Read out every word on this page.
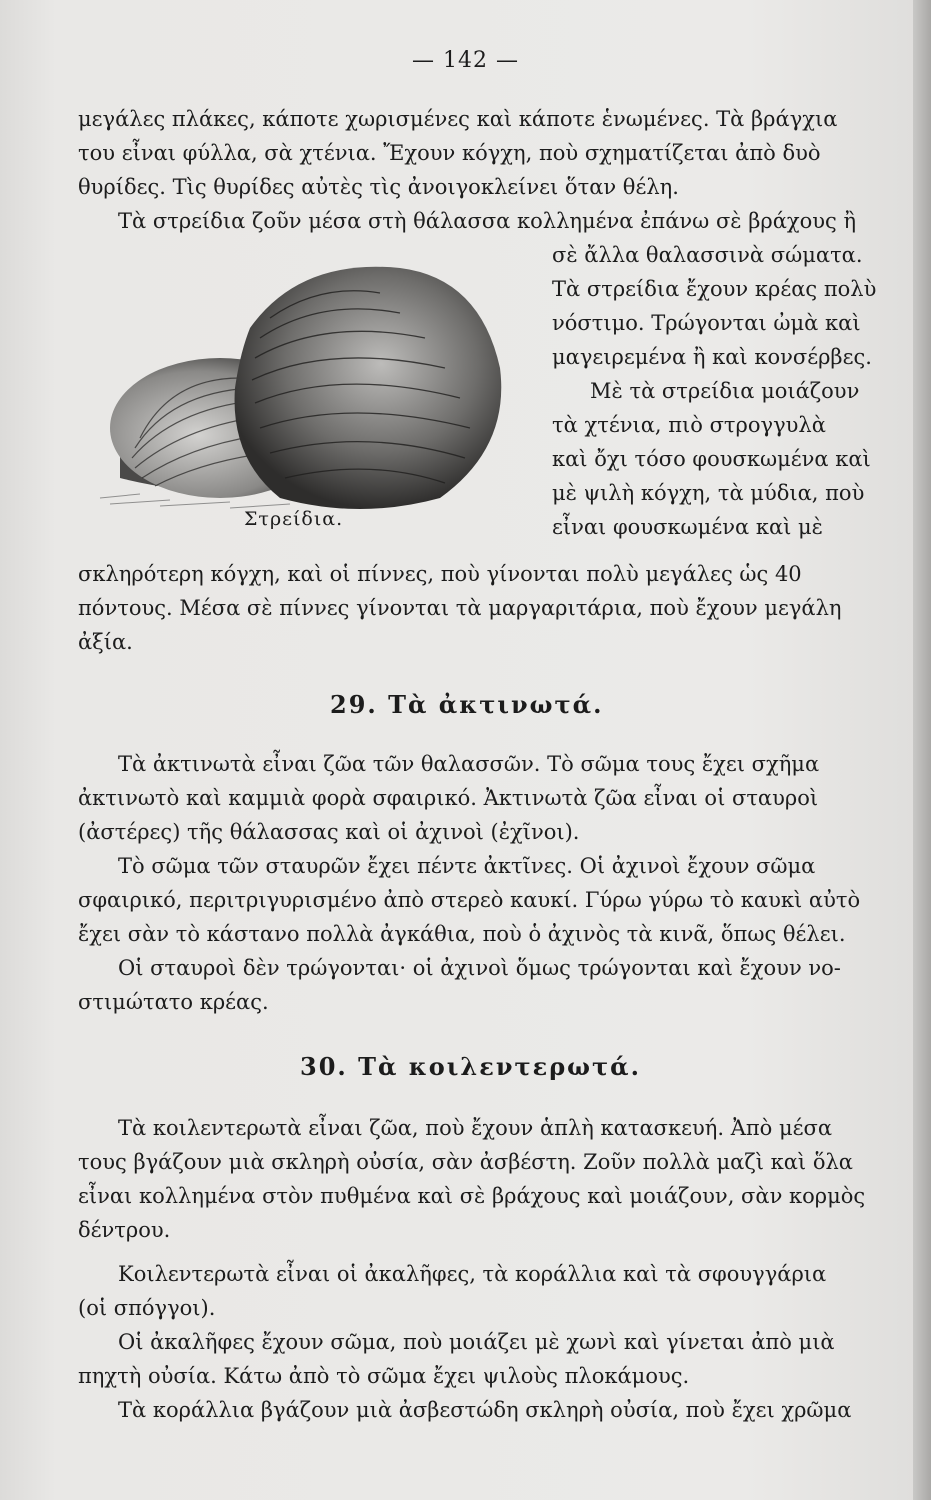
— 142 —
μεγάλες πλάκες, κάποτε χωρισμένες καὶ κάποτε ἑνωμένες. Τὰ βράγχια
του εἶναι φύλλα, σὰ χτένια. Ἔχουν κόγχη, ποὺ σχηματίζεται ἀπὸ δυὸ
θυρίδες. Τὶς θυρίδες αὐτὲς τὶς ἀνοιγοκλείνει ὅταν θέλη.
Τὰ στρείδια ζοῦν μέσα στὴ θάλασσα κολλημένα ἐπάνω σὲ βράχους ἢ
σὲ ἄλλα θαλασσινὰ σώματα.
Τὰ στρείδια ἔχουν κρέας πολὺ
νόστιμο. Τρώγονται ὠμὰ καὶ
μαγειρεμένα ἢ καὶ κονσέρβες.
Μὲ τὰ στρείδια μοιάζουν
τὰ χτένια, πιὸ στρογγυλὰ
καὶ ὄχι τόσο φουσκωμένα καὶ
μὲ ψιλὴ κόγχη, τὰ μύδια, ποὺ
εἶναι φουσκωμένα καὶ μὲ
σκληρότερη κόγχη, καὶ οἱ πίννες, ποὺ γίνονται πολὺ μεγάλες ὡς 40
πόντους. Μέσα σὲ πίννες γίνονται τὰ μαργαριτάρια, ποὺ ἔχουν μεγάλη
ἀξία.
Στρείδια.
29. Τὰ ἀκτινωτά.
Τὰ ἀκτινωτὰ εἶναι ζῶα τῶν θαλασσῶν. Τὸ σῶμα τους ἔχει σχῆμα
ἀκτινωτὸ καὶ καμμιὰ φορὰ σφαιρικό. Ἀκτινωτὰ ζῶα εἶναι οἱ σταυροὶ
(ἀστέρες) τῆς θάλασσας καὶ οἱ ἀχινοὶ (ἐχῖνοι).
Τὸ σῶμα τῶν σταυρῶν ἔχει πέντε ἀκτῖνες. Οἱ ἀχινοὶ ἔχουν σῶμα
σφαιρικό, περιτριγυρισμένο ἀπὸ στερεὸ καυκί. Γύρω γύρω τὸ καυκὶ αὐτὸ
ἔχει σὰν τὸ κάστανο πολλὰ ἀγκάθια, ποὺ ὁ ἀχινὸς τὰ κινᾶ, ὅπως θέλει.
Οἱ σταυροὶ δὲν τρώγονται· οἱ ἀχινοὶ ὅμως τρώγονται καὶ ἔχουν νο-
στιμώτατο κρέας.
30. Τὰ κοιλεντερωτά.
Τὰ κοιλεντερωτὰ εἶναι ζῶα, ποὺ ἔχουν ἁπλὴ κατασκευή. Ἀπὸ μέσα
τους βγάζουν μιὰ σκληρὴ οὐσία, σὰν ἀσβέστη. Ζοῦν πολλὰ μαζὶ καὶ ὅλα
εἶναι κολλημένα στὸν πυθμένα καὶ σὲ βράχους καὶ μοιάζουν, σὰν κορμὸς
δέντρου.
Κοιλεντερωτὰ εἶναι οἱ ἀκαλῆφες, τὰ κοράλλια καὶ τὰ σφουγγάρια
(οἱ σπόγγοι).
Οἱ ἀκαλῆφες ἔχουν σῶμα, ποὺ μοιάζει μὲ χωνὶ καὶ γίνεται ἀπὸ μιὰ
πηχτὴ οὐσία. Κάτω ἀπὸ τὸ σῶμα ἔχει ψιλοὺς πλοκάμους.
Τὰ κοράλλια βγάζουν μιὰ ἀσβεστώδη σκληρὴ οὐσία, ποὺ ἔχει χρῶμα
